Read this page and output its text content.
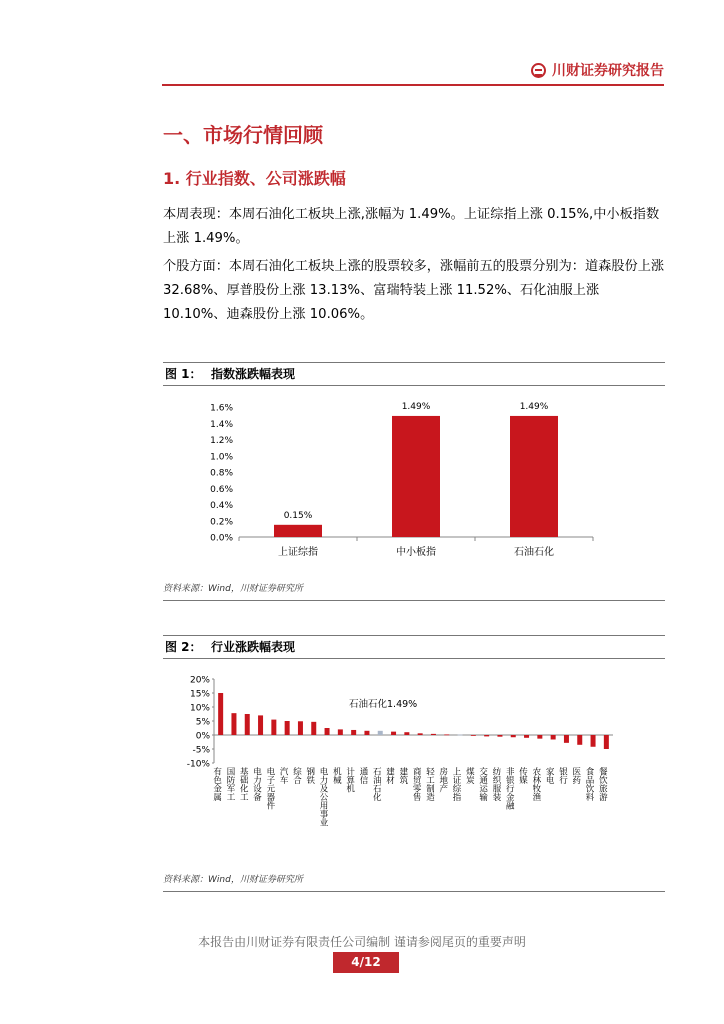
川财证券研究报告
一、市场行情回顾
1. 行业指数、公司涨跌幅

本周表现：本周石油化工板块上涨,涨幅为 1.49%。上证综指上涨 0.15%,中小板指数上涨 1.49%。

个股方面：本周石油化工板块上涨的股票较多，涨幅前五的股票分别为：道森股份上涨 32.68%、厚普股份上涨 13.13%、富瑞特装上涨 11.52%、石化油服上涨 10.10%、迪森股份上涨 10.06%。

图 1： 指数涨跌幅表现
0.0%
0.2%
0.4%
0.6%
0.8%
1.0%
1.2%
1.4%
1.6%
0.15%
上证综指
1.49%
中小板指
1.49%
石油石化
资料来源：Wind，川财证券研究所
图 2： 行业涨跌幅表现
-10%
-5%
0%
5%
10%
15%
20%
有色金属 国防军工 基础化工 电力设备 电子元器件 汽车 综合 钢铁 电力及公用事业 机械 计算机 通信 石油石化 建材 建筑 商贸零售 轻工制造 房地产 上证综指 煤炭 交通运输 纺织服装 非银行金融 传媒 农林牧渔 家电 银行 医药 食品饮料 餐饮旅游
石油石化1.49%
资料来源：Wind，川财证券研究所
本报告由川财证券有限责任公司编制 谨请参阅尾页的重要声明
4/12
